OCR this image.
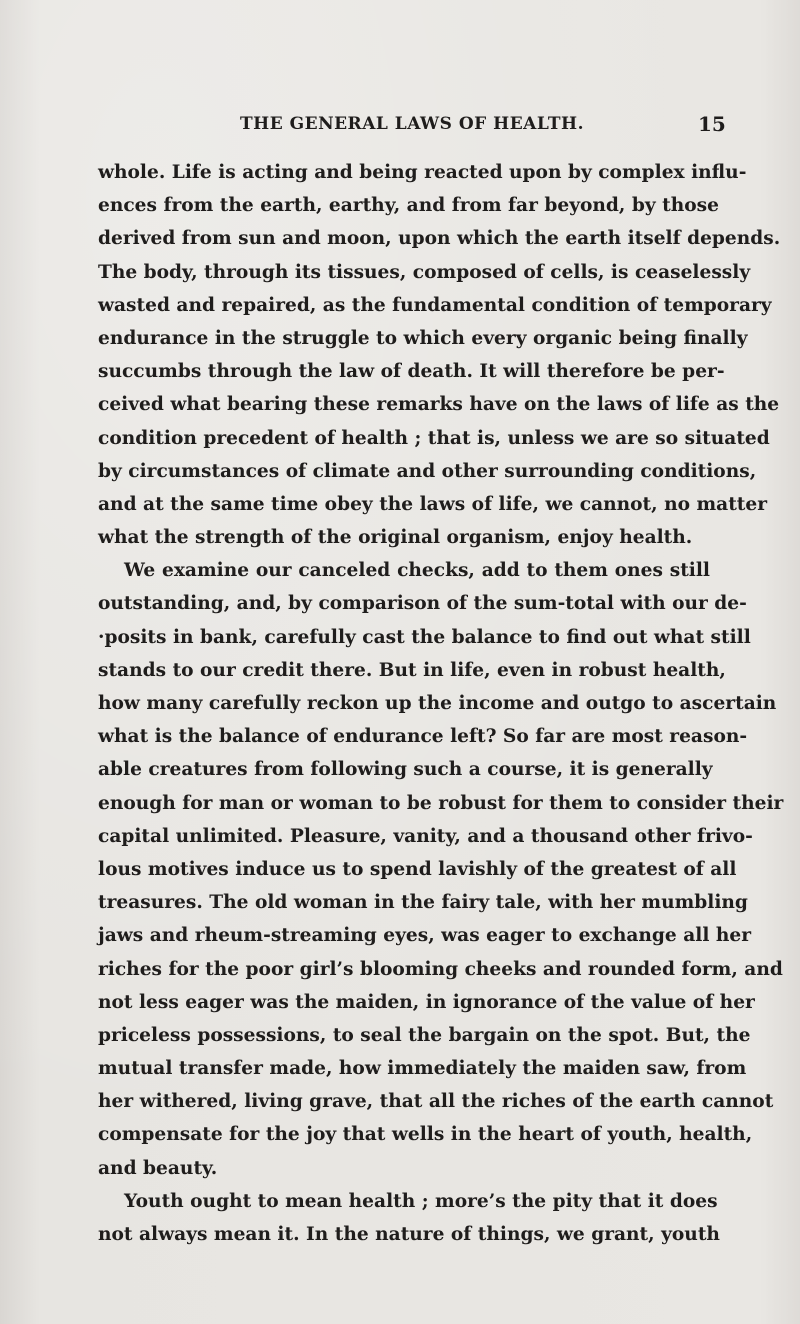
THE GENERAL LAWS OF HEALTH.	15
whole. Life is acting and being reacted upon by complex influ-
ences from the earth, earthy, and from far beyond, by those
derived from sun and moon, upon which the earth itself depends.
The body, through its tissues, composed of cells, is ceaselessly
wasted and repaired, as the fundamental condition of temporary
endurance in the struggle to which every organic being finally
succumbs through the law of death. It will therefore be per-
ceived what bearing these remarks have on the laws of life as the
condition precedent of health ; that is, unless we are so situated
by circumstances of climate and other surrounding conditions,
and at the same time obey the laws of life, we cannot, no matter
what the strength of the original organism, enjoy health.
We examine our canceled checks, add to them ones still
outstanding, and, by comparison of the sum-total with our de-
·posits in bank, carefully cast the balance to find out what still
stands to our credit there. But in life, even in robust health,
how many carefully reckon up the income and outgo to ascertain
what is the balance of endurance left? So far are most reason-
able creatures from following such a course, it is generally
enough for man or woman to be robust for them to consider their
capital unlimited. Pleasure, vanity, and a thousand other frivo-
lous motives induce us to spend lavishly of the greatest of all
treasures. The old woman in the fairy tale, with her mumbling
jaws and rheum-streaming eyes, was eager to exchange all her
riches for the poor girl’s blooming cheeks and rounded form, and
not less eager was the maiden, in ignorance of the value of her
priceless possessions, to seal the bargain on the spot. But, the
mutual transfer made, how immediately the maiden saw, from
her withered, living grave, that all the riches of the earth cannot
compensate for the joy that wells in the heart of youth, health,
and beauty.
Youth ought to mean health ; more’s the pity that it does
not always mean it. In the nature of things, we grant, youth
